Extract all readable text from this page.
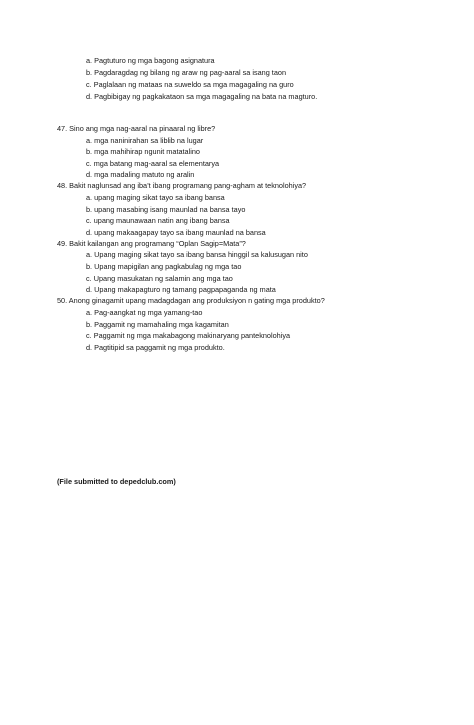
a. Pagtuturo ng mga bagong asignatura
b. Pagdaragdag ng bilang ng araw ng pag-aaral sa isang taon
c. Paglalaan ng mataas na suweldo sa mga magagaling na guro
d. Pagbibigay ng pagkakataon sa mga magagaling na bata na magturo.
47. Sino ang mga nag-aaral na pinaaral ng libre?
a. mga naninirahan sa liblib na lugar
b. mga mahihirap ngunit matatalino
c. mga batang mag-aaral sa elementarya
d. mga madaling matuto ng aralin
48. Bakit naglunsad ang iba’t ibang programang pang-agham at teknolohiya?
a. upang maging sikat tayo sa ibang bansa
b. upang masabing isang maunlad na bansa tayo
c. upang maunawaan natin ang ibang bansa
d. upang makaagapay tayo sa ibang maunlad na bansa
49. Bakit kailangan ang programang “Oplan Sagip=Mata”?
a. Upang maging sikat tayo sa ibang bansa hinggil sa kalusugan nito
b. Upang mapigilan ang pagkabulag ng mga tao
c. Upang masukatan ng salamin ang mga tao
d. Upang makapagturo ng tamang pagpapaganda ng mata
50. Anong ginagamit upang madagdagan ang produksiyon n gating mga produkto?
a. Pag-aangkat ng mga yamang-tao
b. Paggamit ng mamahaling mga kagamitan
c. Paggamit ng mga makabagong makinaryang panteknolohiya
d. Pagtitipid sa paggamit ng mga produkto.
(File submitted to depedclub.com)
